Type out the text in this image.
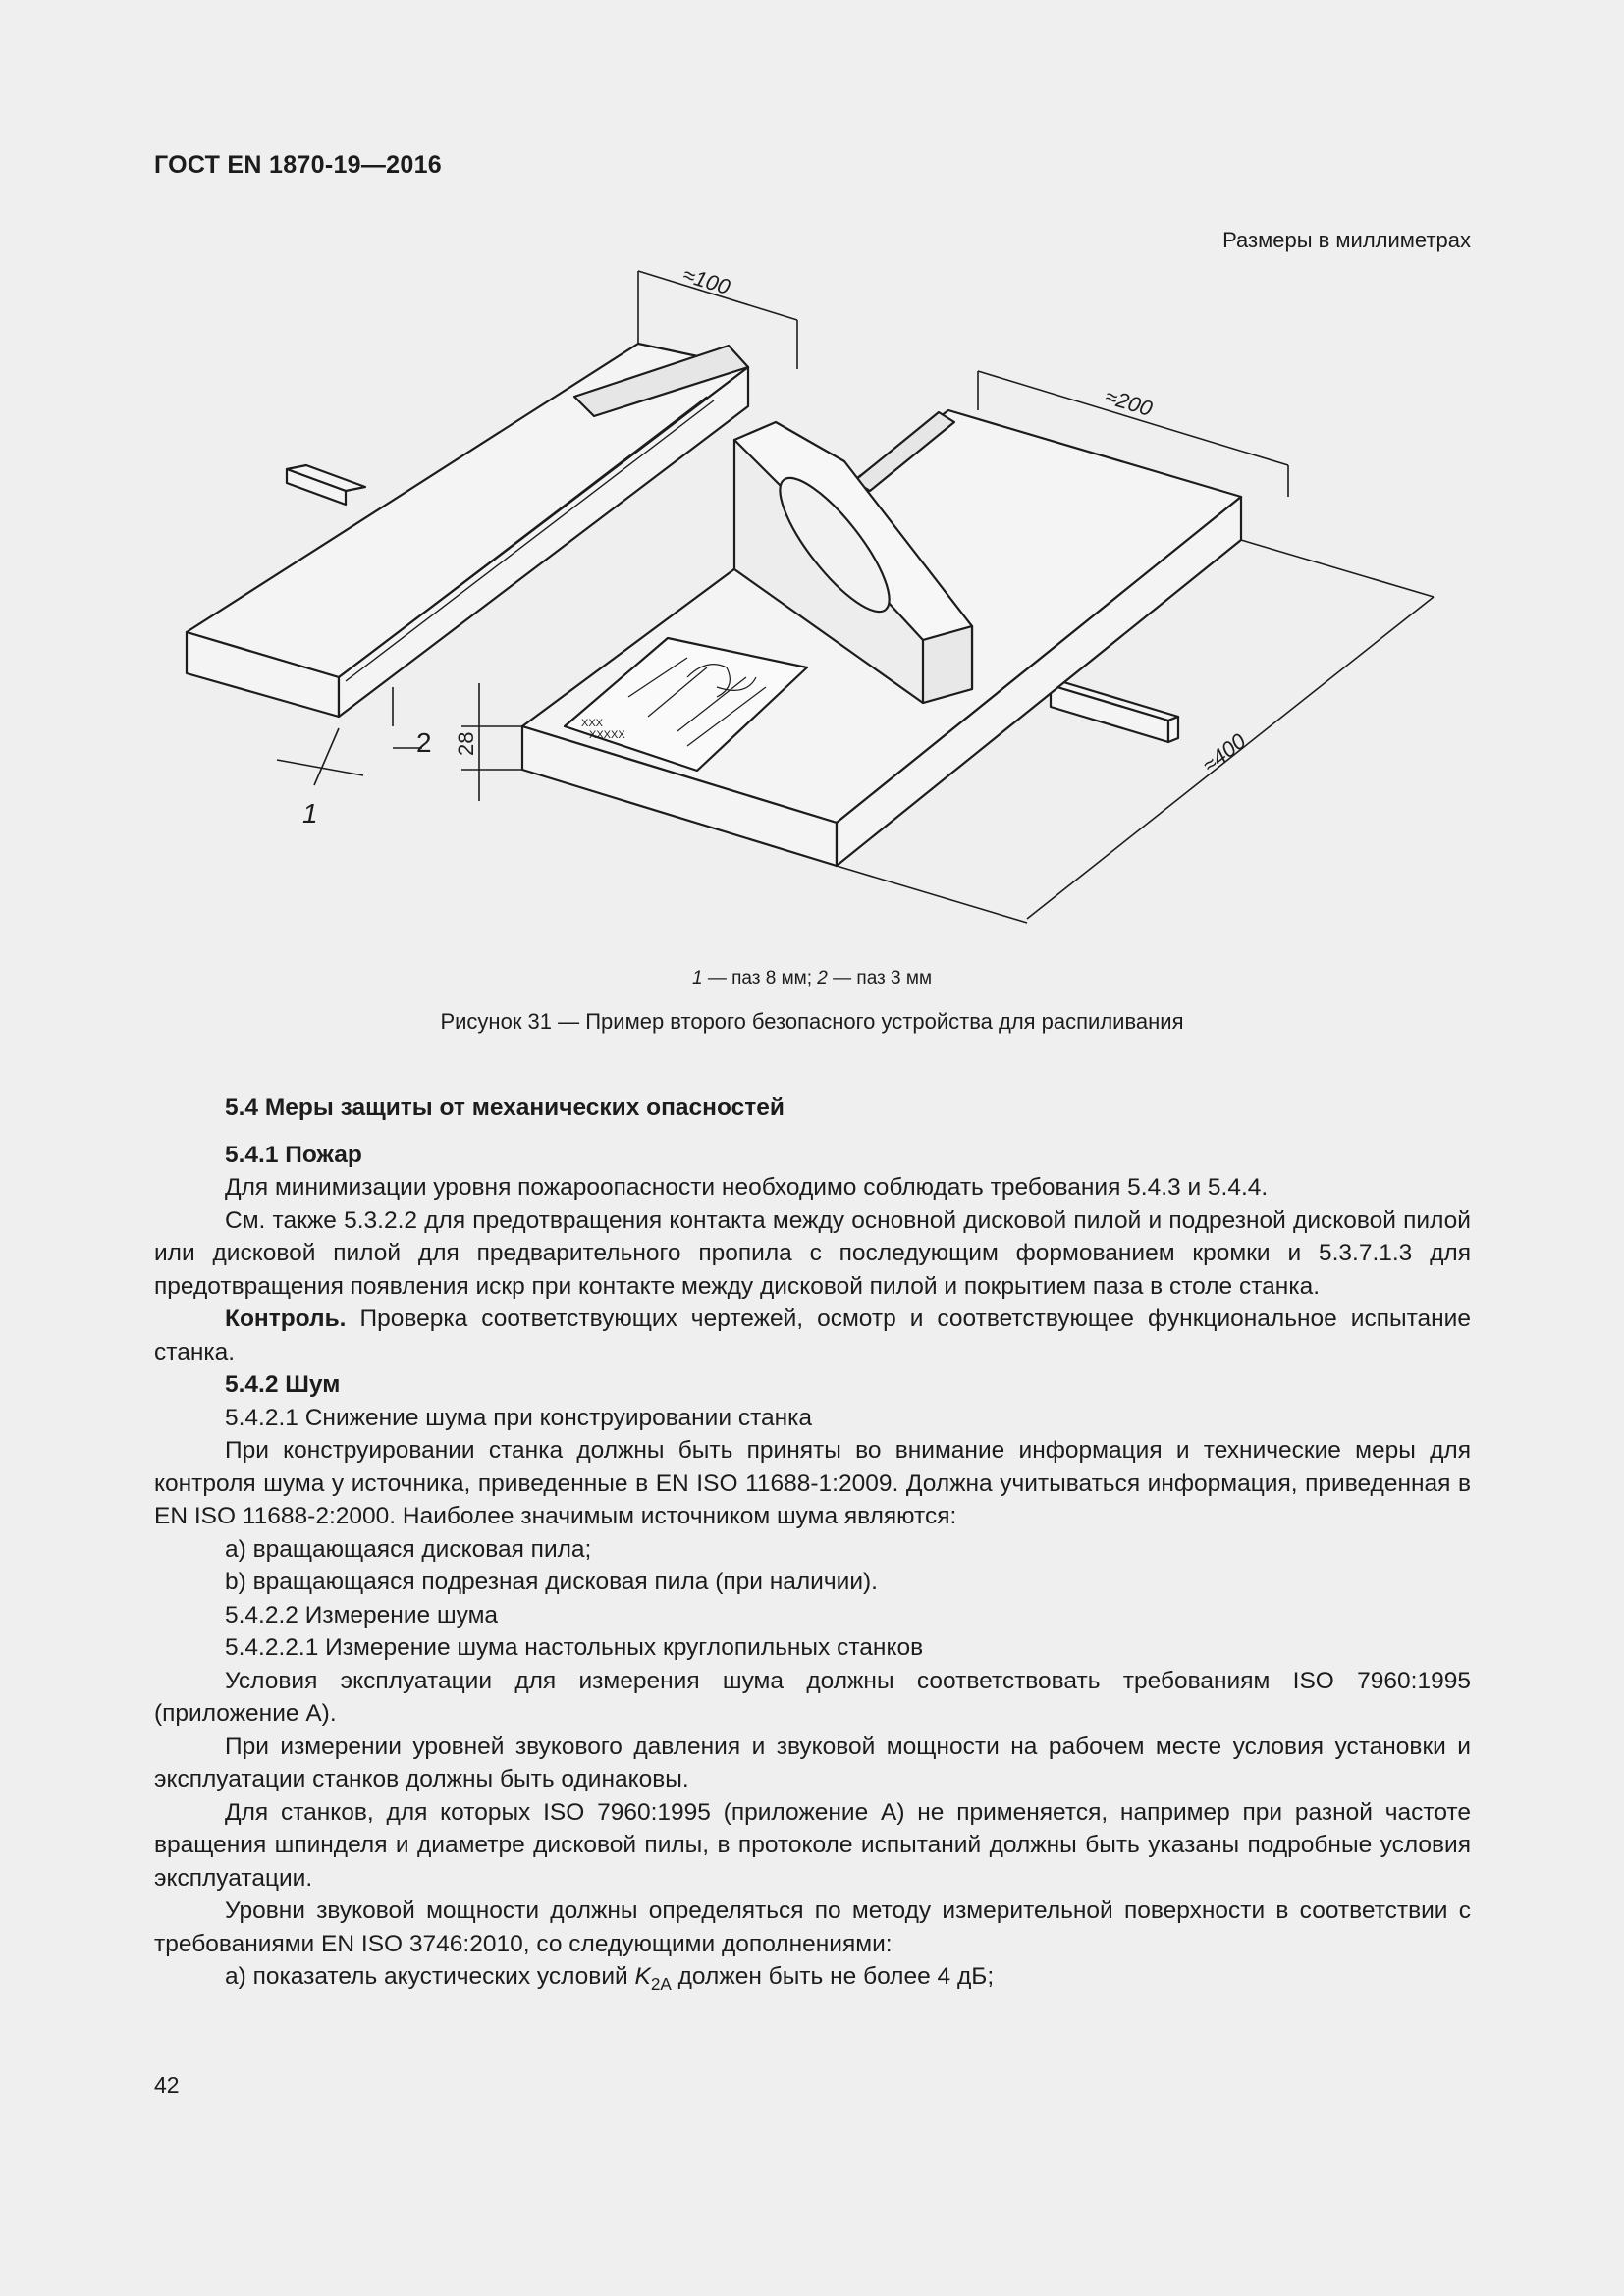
ГОСТ EN 1870-19—2016
Размеры в миллиметрах
XXX
XXXXX
≈100
≈200
≈400
28
1
2
1 — паз 8 мм; 2 — паз 3 мм
Рисунок 31 — Пример второго безопасного устройства для распиливания

5.4 Меры защиты от механических опасностей

5.4.1 Пожар

Для минимизации уровня пожароопасности необходимо соблюдать требования 5.4.3 и 5.4.4.

См. также 5.3.2.2 для предотвращения контакта между основной дисковой пилой и подрезной дисковой пилой или дисковой пилой для предварительного пропила с последующим формованием кромки и 5.3.7.1.3 для предотвращения появления искр при контакте между дисковой пилой и покрытием паза в столе станка.

Контроль. Проверка соответствующих чертежей, осмотр и соответствующее функциональное испытание станка.

5.4.2 Шум

5.4.2.1 Снижение шума при конструировании станка

При конструировании станка должны быть приняты во внимание информация и технические меры для контроля шума у источника, приведенные в EN ISO 11688-1:2009. Должна учитываться информация, приведенная в EN ISO 11688-2:2000. Наиболее значимым источником шума являются:

a) вращающаяся дисковая пила;

b) вращающаяся подрезная дисковая пила (при наличии).

5.4.2.2 Измерение шума

5.4.2.2.1 Измерение шума настольных круглопильных станков

Условия эксплуатации для измерения шума должны соответствовать требованиям ISO 7960:1995 (приложение A).

При измерении уровней звукового давления и звуковой мощности на рабочем месте условия установки и эксплуатации станков должны быть одинаковы.

Для станков, для которых ISO 7960:1995 (приложение A) не применяется, например при разной частоте вращения шпинделя и диаметре дисковой пилы, в протоколе испытаний должны быть указаны подробные условия эксплуатации.

Уровни звуковой мощности должны определяться по методу измерительной поверхности в соответствии с требованиями EN ISO 3746:2010, со следующими дополнениями:

a) показатель акустических условий $K_{2A}$ должен быть не более 4 дБ;

42
